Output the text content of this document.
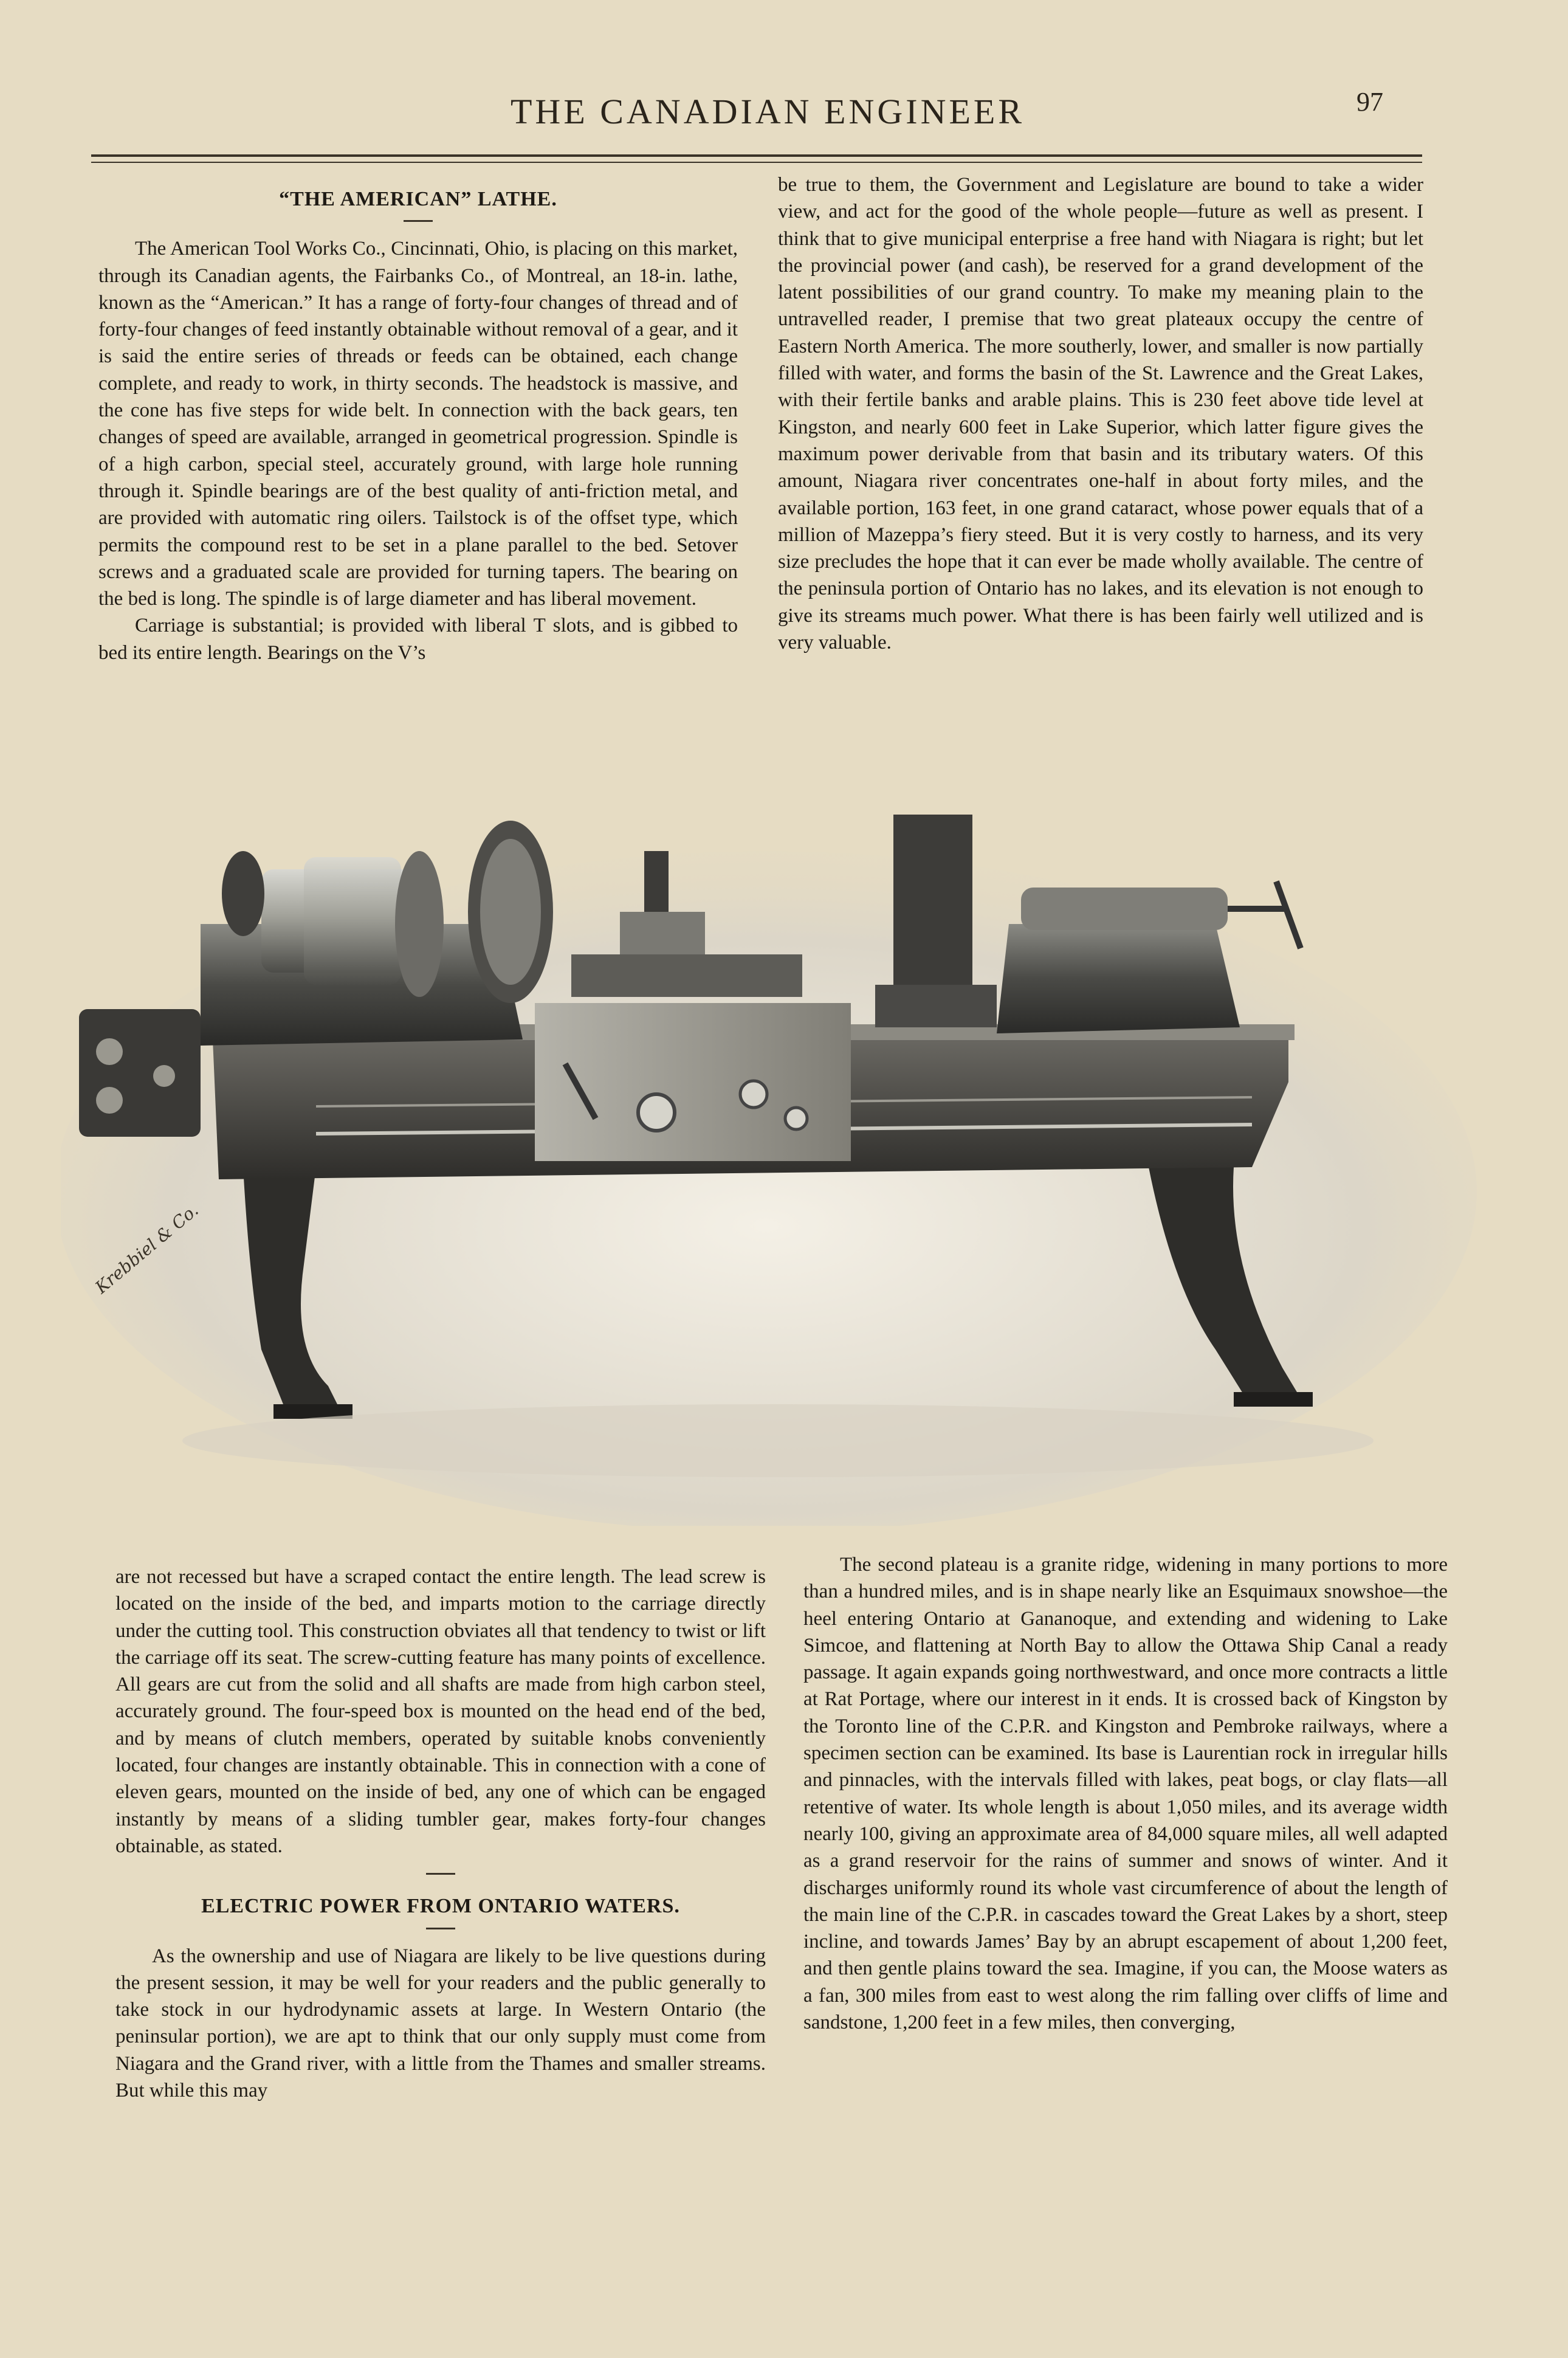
THE CANADIAN ENGINEER	97
“THE AMERICAN” LATHE.

The American Tool Works Co., Cincinnati, Ohio, is placing on this market, through its Canadian agents, the Fairbanks Co., of Montreal, an 18-in. lathe, known as the “American.” It has a range of forty-four changes of thread and of forty-four changes of feed instantly obtainable without removal of a gear, and it is said the entire series of threads or feeds can be obtained, each change complete, and ready to work, in thirty seconds. The headstock is massive, and the cone has five steps for wide belt. In connection with the back gears, ten changes of speed are available, arranged in geometrical progression. Spindle is of a high carbon, special steel, accurately ground, with large hole running through it. Spindle bearings are of the best quality of anti-friction metal, and are provided with automatic ring oilers. Tailstock is of the offset type, which permits the compound rest to be set in a plane parallel to the bed. Setover screws and a graduated scale are provided for turning tapers. The bearing on the bed is long. The spindle is of large diameter and has liberal movement.

Carriage is substantial; is provided with liberal T slots, and is gibbed to bed its entire length. Bearings on the V’s

be true to them, the Government and Legislature are bound to take a wider view, and act for the good of the whole people—future as well as present. I think that to give municipal enterprise a free hand with Niagara is right; but let the provincial power (and cash), be reserved for a grand development of the latent possibilities of our grand country. To make my meaning plain to the untravelled reader, I premise that two great plateaux occupy the centre of Eastern North America. The more southerly, lower, and smaller is now partially filled with water, and forms the basin of the St. Lawrence and the Great Lakes, with their fertile banks and arable plains. This is 230 feet above tide level at Kingston, and nearly 600 feet in Lake Superior, which latter figure gives the maximum power derivable from that basin and its tributary waters. Of this amount, Niagara river concentrates one-half in about forty miles, and the available portion, 163 feet, in one grand cataract, whose power equals that of a million of Mazeppa’s fiery steed. But it is very costly to harness, and its very size precludes the hope that it can ever be made wholly available. The centre of the peninsula portion of Ontario has no lakes, and its elevation is not enough to give its streams much power. What there is has been fairly well utilized and is very valuable.

Krebbiel & Co.

are not recessed but have a scraped contact the entire length. The lead screw is located on the inside of the bed, and imparts motion to the carriage directly under the cutting tool. This construction obviates all that tendency to twist or lift the carriage off its seat. The screw-cutting feature has many points of excellence. All gears are cut from the solid and all shafts are made from high carbon steel, accurately ground. The four-speed box is mounted on the head end of the bed, and by means of clutch members, operated by suitable knobs conveniently located, four changes are instantly obtainable. This in connection with a cone of eleven gears, mounted on the inside of bed, any one of which can be engaged instantly by means of a sliding tumbler gear, makes forty-four changes obtainable, as stated.

ELECTRIC POWER FROM ONTARIO WATERS.

As the ownership and use of Niagara are likely to be live questions during the present session, it may be well for your readers and the public generally to take stock in our hydrodynamic assets at large. In Western Ontario (the peninsular portion), we are apt to think that our only supply must come from Niagara and the Grand river, with a little from the Thames and smaller streams. But while this may

The second plateau is a granite ridge, widening in many portions to more than a hundred miles, and is in shape nearly like an Esquimaux snowshoe—the heel entering Ontario at Gananoque, and extending and widening to Lake Simcoe, and flattening at North Bay to allow the Ottawa Ship Canal a ready passage. It again expands going northwestward, and once more contracts a little at Rat Portage, where our interest in it ends. It is crossed back of Kingston by the Toronto line of the C.P.R. and Kingston and Pembroke railways, where a specimen section can be examined. Its base is Laurentian rock in irregular hills and pinnacles, with the intervals filled with lakes, peat bogs, or clay flats—all retentive of water. Its whole length is about 1,050 miles, and its average width nearly 100, giving an approximate area of 84,000 square miles, all well adapted as a grand reservoir for the rains of summer and snows of winter. And it discharges uniformly round its whole vast circumference of about the length of the main line of the C.P.R. in cascades toward the Great Lakes by a short, steep incline, and towards James’ Bay by an abrupt escapement of about 1,200 feet, and then gentle plains toward the sea. Imagine, if you can, the Moose waters as a fan, 300 miles from east to west along the rim falling over cliffs of lime and sandstone, 1,200 feet in a few miles, then converging,
